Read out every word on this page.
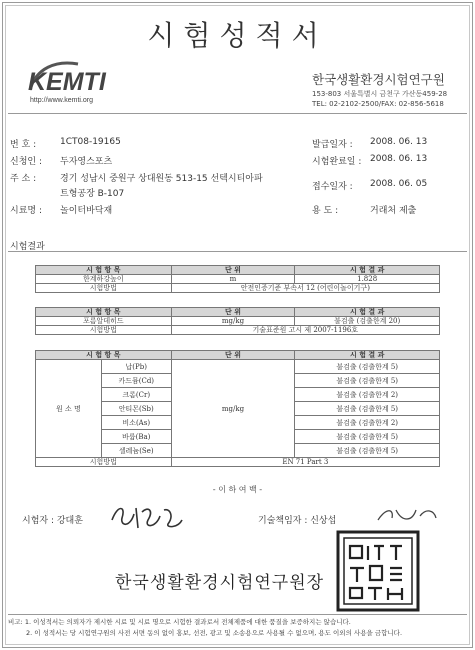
시험성적서
KEMTI
http://www.kemti.org
한국생활환경시험연구원
153-803 서울특별시 금천구 가산동459-28
TEL: 02-2102-2500/FAX: 02-856-5618
번 호 :	1CT08-19165
신청인 : 두자영스포츠
주 소 :	경기 성남시 중원구 상대원동 513-15 선텍시티아파
트형공장 B-107
시료명 : 놀이터바닥재
발급일자 : 2008. 06. 13
시험완료일 : 2008. 06. 13
접수일자 : 2008. 06. 05
용 도 :	거래처 제출
시험결과
시 험 항 목	단 위	시 험 결 과
한계하강높이	m	1.828
시험방법	안전인증기준 부속서 12 (어린이놀이기구)	
시 험 항 목	단 위	시 험 결 과
포름알데히드	mg/kg	불검출 (검출한계 20)
시험방법	기술표준원 고시 제 2007-1196호	
시 험 항 목		단 위	시 험 결 과
원 소 명	납(Pb)	mg/kg	불검출 (검출한계 5)
	카드뮴(Cd)		불검출 (검출한계 5)
	크롬(Cr)		불검출 (검출한계 2)
	안티몬(Sb)		불검출 (검출한계 5)
	비소(As)		불검출 (검출한계 2)
	바륨(Ba)		불검출 (검출한계 5)
	셀레늄(Se)		불검출 (검출한계 5)
시험방법		EN 71 Part 3	
- 이 하 여 백 -
시험자 : 강대훈	기술책임자 : 신상섭
한국생활환경시험연구원장
비고: 1. 이성적서는 의뢰자가 제시한 시료 및 시료 명으로 시험한 결과로서 전체제품에 대한 품질을 보증하지는 않습니다.
2. 이 성적서는 당 시험연구원의 사전 서면 동의 없이 홍보, 선전, 광고 및 소송용으로 사용될 수 없으며, 용도 이외의 사용을 금합니다.
